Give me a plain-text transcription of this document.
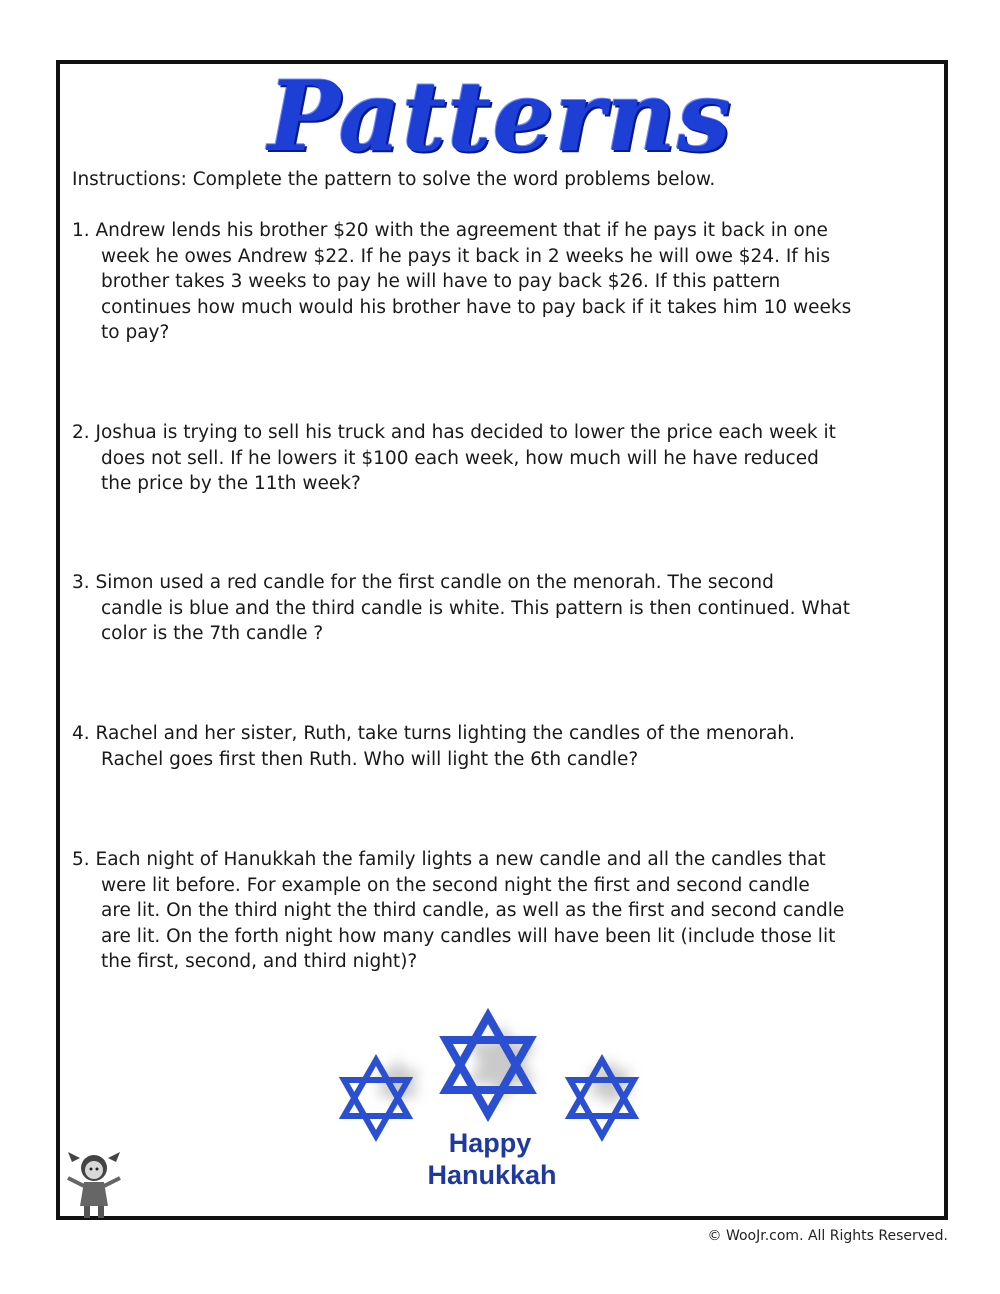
Patterns
Instructions: Complete the pattern to solve the word problems below.
1. Andrew lends his brother $20 with the agreement that if he pays it back in one
week he owes Andrew $22. If he pays it back in 2 weeks he will owe $24. If his
brother takes 3 weeks to pay he will have to pay back $26. If this pattern
continues how much would his brother have to pay back if it takes him 10 weeks
to pay?
2. Joshua is trying to sell his truck and has decided to lower the price each week it
does not sell. If he lowers it $100 each week, how much will he have reduced
the price by the 11th week?
3. Simon used a red candle for the first candle on the menorah. The second
candle is blue and the third candle is white. This pattern is then continued. What
color is the 7th candle ?
4. Rachel and her sister, Ruth, take turns lighting the candles of the menorah.
Rachel goes first then Ruth. Who will light the 6th candle?
5. Each night of Hanukkah the family lights a new candle and all the candles that
were lit before. For example on the second night the first and second candle
are lit. On the third night the third candle, as well as the first and second candle
are lit. On the forth night how many candles will have been lit (include those lit
the first, second, and third night)?
Happy
Hanukkah
© WooJr.com. All Rights Reserved.
